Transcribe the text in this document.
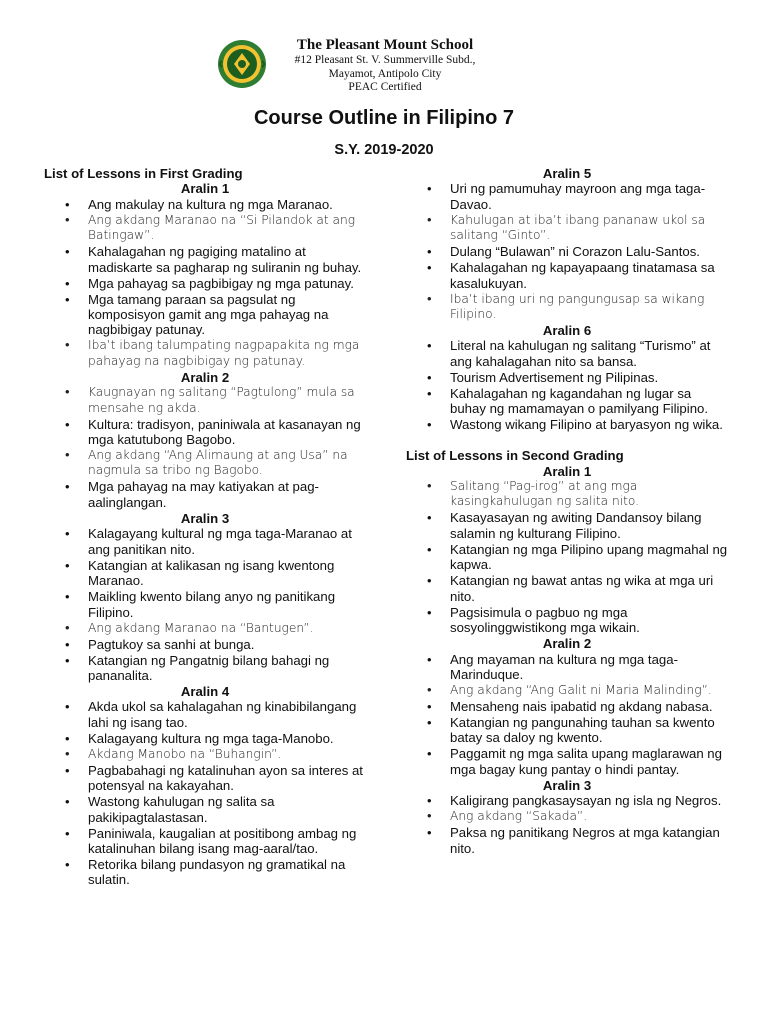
The Pleasant Mount School
#12 Pleasant St. V. Summerville Subd.,
Mayamot, Antipolo City
PEAC Certified
Course Outline in Filipino 7
S.Y. 2019-2020
List of Lessons in First Grading
Aralin 1
• Ang makulay na kultura ng mga Maranao.
• Ang akdang Maranao na “Si Pilandok at ang Batingaw”.
• Kahalagahan ng pagiging matalino at madiskarte sa pagharap ng suliranin ng buhay.
• Mga pahayag sa pagbibigay ng mga patunay.
• Mga tamang paraan sa pagsulat ng komposisyon gamit ang mga pahayag na nagbibigay patunay.
• Iba’t ibang talumpating nagpapakita ng mga pahayag na nagbibigay ng patunay.
Aralin 2
• Kaugnayan ng salitang “Pagtulong” mula sa mensahe ng akda.
• Kultura: tradisyon, paniniwala at kasanayan ng mga katutubong Bagobo.
• Ang akdang “Ang Alimaung at ang Usa” na nagmula sa tribo ng Bagobo.
• Mga pahayag na may katiyakan at pag-aalinglangan.
Aralin 3
• Kalagayang kultural ng mga taga-Maranao at ang panitikan nito.
• Katangian at kalikasan ng isang kwentong Maranao.
• Maikling kwento bilang anyo ng panitikang Filipino.
• Ang akdang Maranao na “Bantugen”.
• Pagtukoy sa sanhi at bunga.
• Katangian ng Pangatnig bilang bahagi ng pananalita.
Aralin 4
• Akda ukol sa kahalagahan ng kinabibilangang lahi ng isang tao.
• Kalagayang kultura ng mga taga-Manobo.
• Akdang Manobo na “Buhangin”.
• Pagbabahagi ng katalinuhan ayon sa interes at potensyal na kakayahan.
• Wastong kahulugan ng salita sa pakikipagtalastasan.
• Paniniwala, kaugalian at positibong ambag ng katalinuhan bilang isang mag-aaral/tao.
• Retorika bilang pundasyon ng gramatikal na sulatin.
Aralin 5
• Uri ng pamumuhay mayroon ang mga taga-Davao.
• Kahulugan at iba’t ibang pananaw ukol sa salitang “Ginto”.
• Dulang “Bulawan” ni Corazon Lalu-Santos.
• Kahalagahan ng kapayapaang tinatamasa sa kasalukuyan.
• Iba’t ibang uri ng pangungusap sa wikang Filipino.
Aralin 6
• Literal na kahulugan ng salitang “Turismo” at ang kahalagahan nito sa bansa.
• Tourism Advertisement ng Pilipinas.
• Kahalagahan ng kagandahan ng lugar sa buhay ng mamamayan o pamilyang Filipino.
• Wastong wikang Filipino at baryasyon ng wika.
List of Lessons in Second Grading
Aralin 1
• Salitang “Pag-irog” at ang mga kasingkahulugan ng salita nito.
• Kasayasayan ng awiting Dandansoy bilang salamin ng kulturang Filipino.
• Katangian ng mga Pilipino upang magmahal ng kapwa.
• Katangian ng bawat antas ng wika at mga uri nito.
• Pagsisimula o pagbuo ng mga sosyolinggwistikong mga wikain.
Aralin 2
• Ang mayaman na kultura ng mga taga-Marinduque.
• Ang akdang “Ang Galit ni Maria Malinding”.
• Mensaheng nais ipabatid ng akdang nabasa.
• Katangian ng pangunahing tauhan sa kwento batay sa daloy ng kwento.
• Paggamit ng mga salita upang maglarawan ng mga bagay kung pantay o hindi pantay.
Aralin 3
• Kaligirang pangkasaysayan ng isla ng Negros.
• Ang akdang “Sakada”.
• Paksa ng panitikang Negros at mga katangian nito.
